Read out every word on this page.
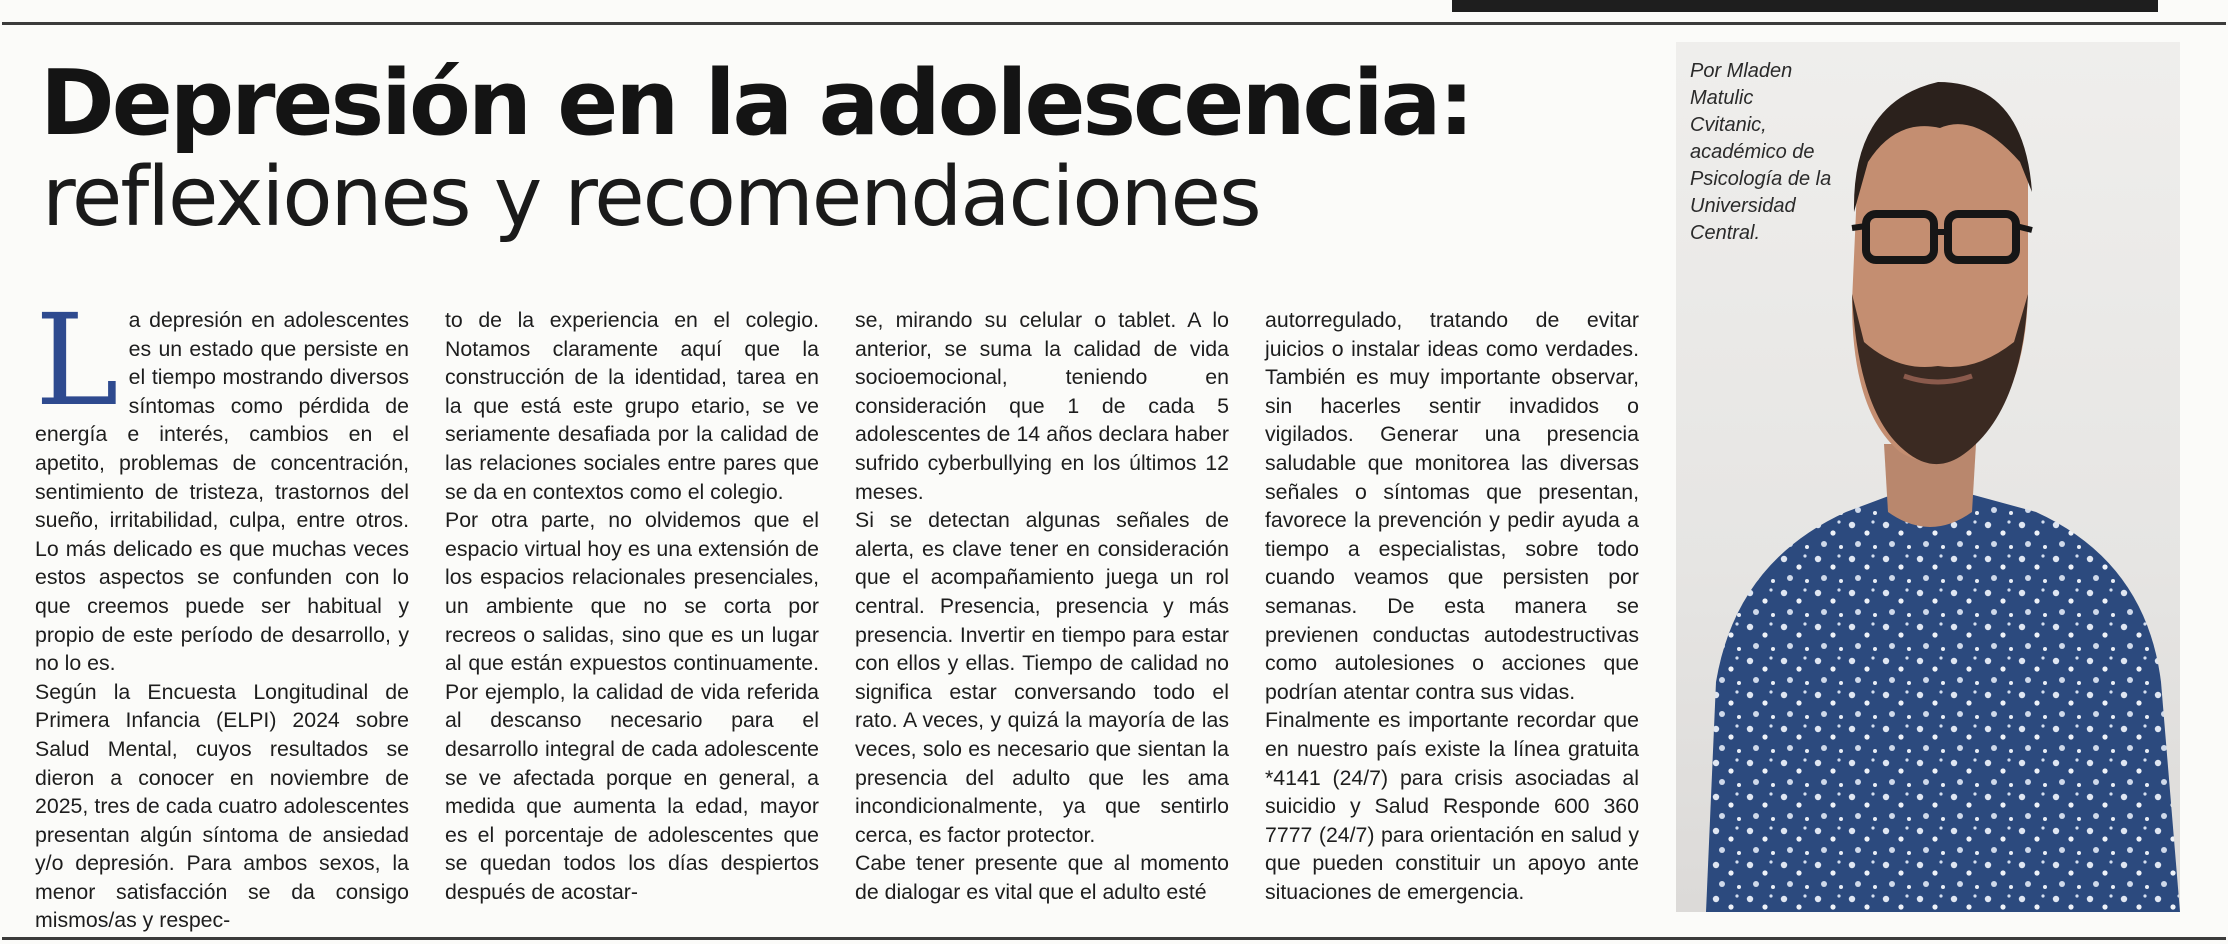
Depresión en la adolescencia:
reflexiones y recomendaciones
L a depresión en adolescentes es un estado que persiste en el tiempo mostrando diversos síntomas como pérdida de energía e interés, cambios en el apetito, problemas de concentración, sentimiento de tristeza, trastornos del sueño, irritabilidad, culpa, entre otros. Lo más delicado es que muchas veces estos aspectos se confunden con lo que creemos puede ser habitual y propio de este período de desarrollo, y no lo es.

Según la Encuesta Longitudinal de Primera Infancia (ELPI) 2024 sobre Salud Mental, cuyos resultados se dieron a conocer en noviembre de 2025, tres de cada cuatro adolescentes presentan algún síntoma de ansiedad y/o depresión. Para ambos sexos, la menor satisfacción se da consigo mismos/as y respec-

to de la experiencia en el colegio. Notamos claramente aquí que la construcción de la identidad, tarea en la que está este grupo etario, se ve seriamente desafiada por la calidad de las relaciones sociales entre pares que se da en contextos como el colegio.

Por otra parte, no olvidemos que el espacio virtual hoy es una extensión de los espacios relacionales presenciales, un ambiente que no se corta por recreos o salidas, sino que es un lugar al que están expuestos continuamente. Por ejemplo, la calidad de vida referida al descanso necesario para el desarrollo integral de cada adolescente se ve afectada porque en general, a medida que aumenta la edad, mayor es el porcentaje de adolescentes que se quedan todos los días despiertos después de acostar-

se, mirando su celular o tablet. A lo anterior, se suma la calidad de vida socioemocional, teniendo en consideración que 1 de cada 5 adolescentes de 14 años declara haber sufrido cyberbullying en los últimos 12 meses.

Si se detectan algunas señales de alerta, es clave tener en consideración que el acompañamiento juega un rol central. Presencia, presencia y más presencia. Invertir en tiempo para estar con ellos y ellas. Tiempo de calidad no significa estar conversando todo el rato. A veces, y quizá la mayoría de las veces, solo es necesario que sientan la presencia del adulto que les ama incondicionalmente, ya que sentirlo cerca, es factor protector.

Cabe tener presente que al momento de dialogar es vital que el adulto esté

autorregulado, tratando de evitar juicios o instalar ideas como verdades. También es muy importante observar, sin hacerles sentir invadidos o vigilados. Generar una presencia saludable que monitorea las diversas señales o síntomas que presentan, favorece la prevención y pedir ayuda a tiempo a especialistas, sobre todo cuando veamos que persisten por semanas. De esta manera se previenen conductas autodestructivas como autolesiones o acciones que podrían atentar contra sus vidas.

Finalmente es importante recordar que en nuestro país existe la línea gratuita *4141 (24/7) para crisis asociadas al suicidio y Salud Responde 600 360 7777 (24/7) para orientación en salud y que pueden constituir un apoyo ante situaciones de emergencia.

Por Mladen
Matulic
Cvitanic,
académico de
Psicología de la
Universidad
Central.
